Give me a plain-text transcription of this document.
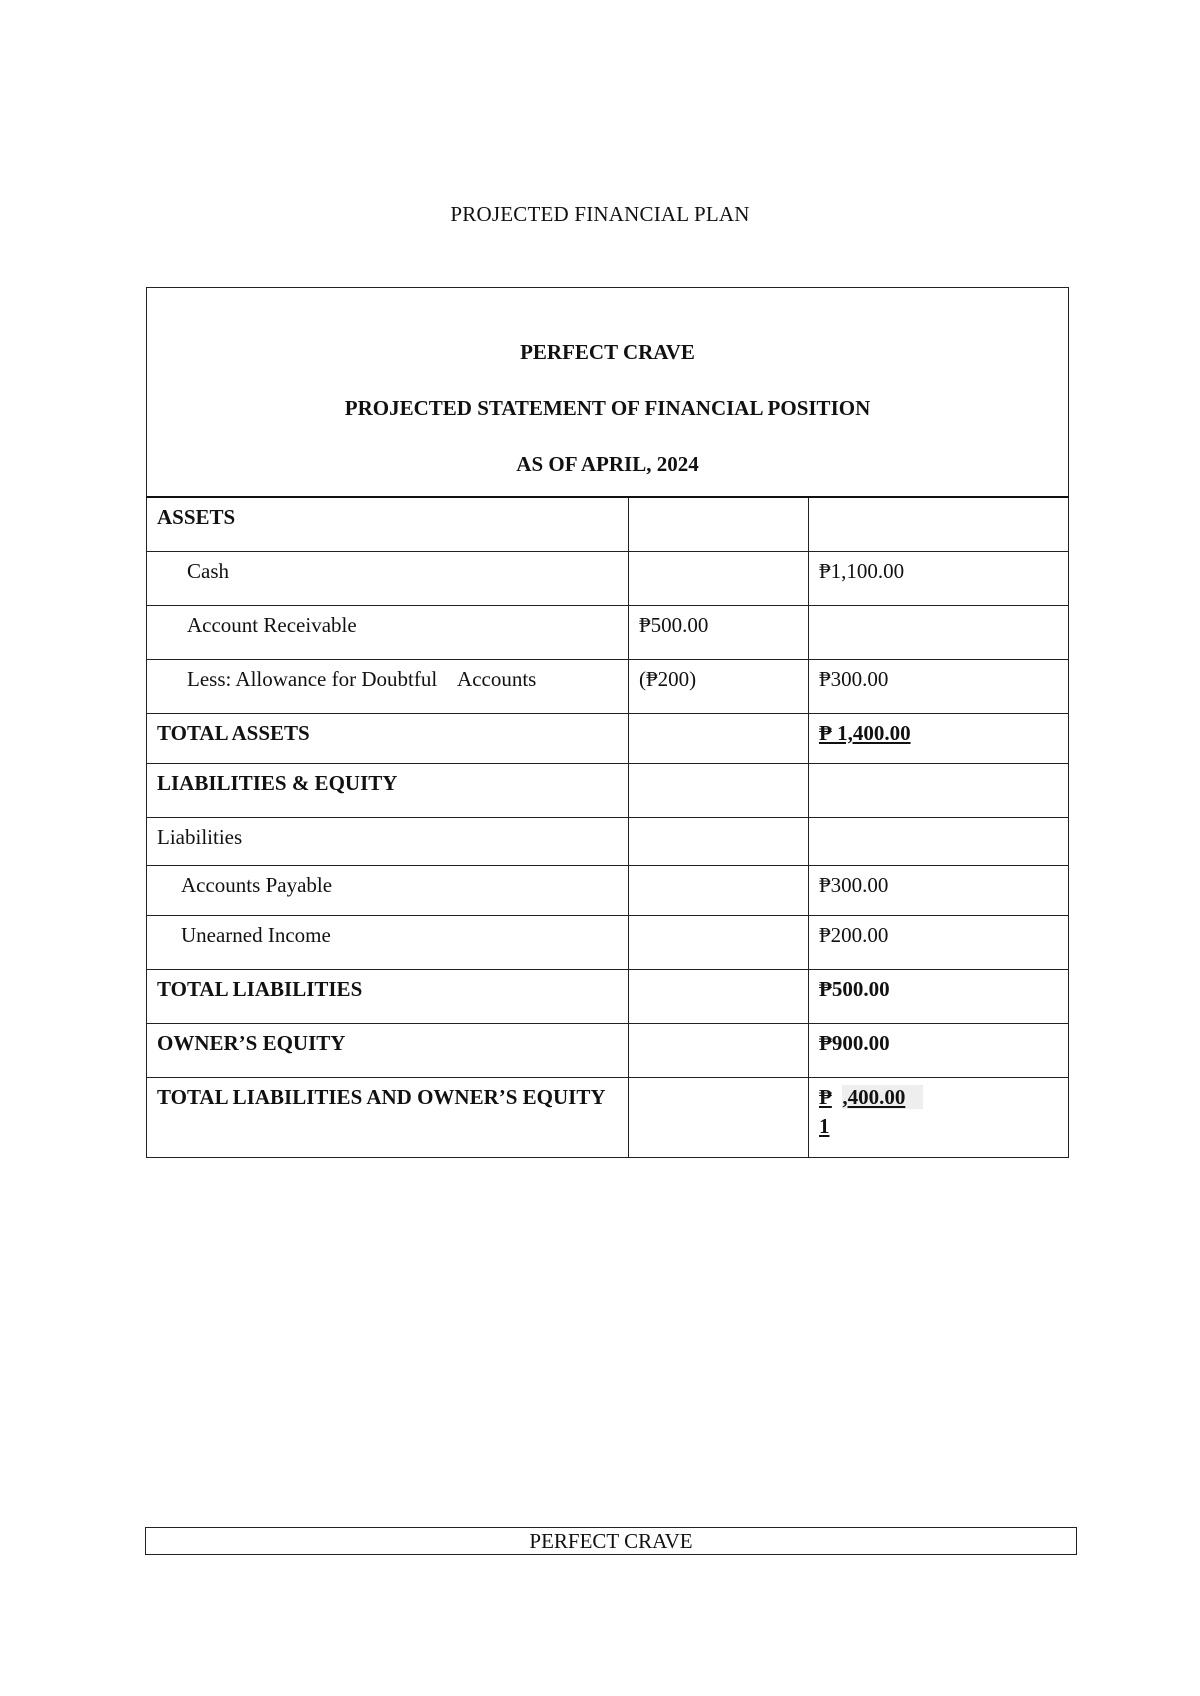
PROJECTED FINANCIAL PLAN
PERFECT CRAVE
PROJECTED STATEMENT OF FINANCIAL POSITION
AS OF APRIL, 2024		

ASSETS		
Cash		₱1,100.00
Account Receivable	₱500.00	
Less: Allowance for Doubtful    Accounts	(₱200)	₱300.00
TOTAL ASSETS		₱ 1,400.00
LIABILITIES & EQUITY		
Liabilities		
Accounts Payable		₱300.00
Unearned Income		₱200.00
TOTAL LIABILITIES		₱500.00
OWNER’S EQUITY		₱900.00
TOTAL LIABILITIES AND OWNER’S EQUITY		₱ ,400.00
1
PERFECT CRAVE
